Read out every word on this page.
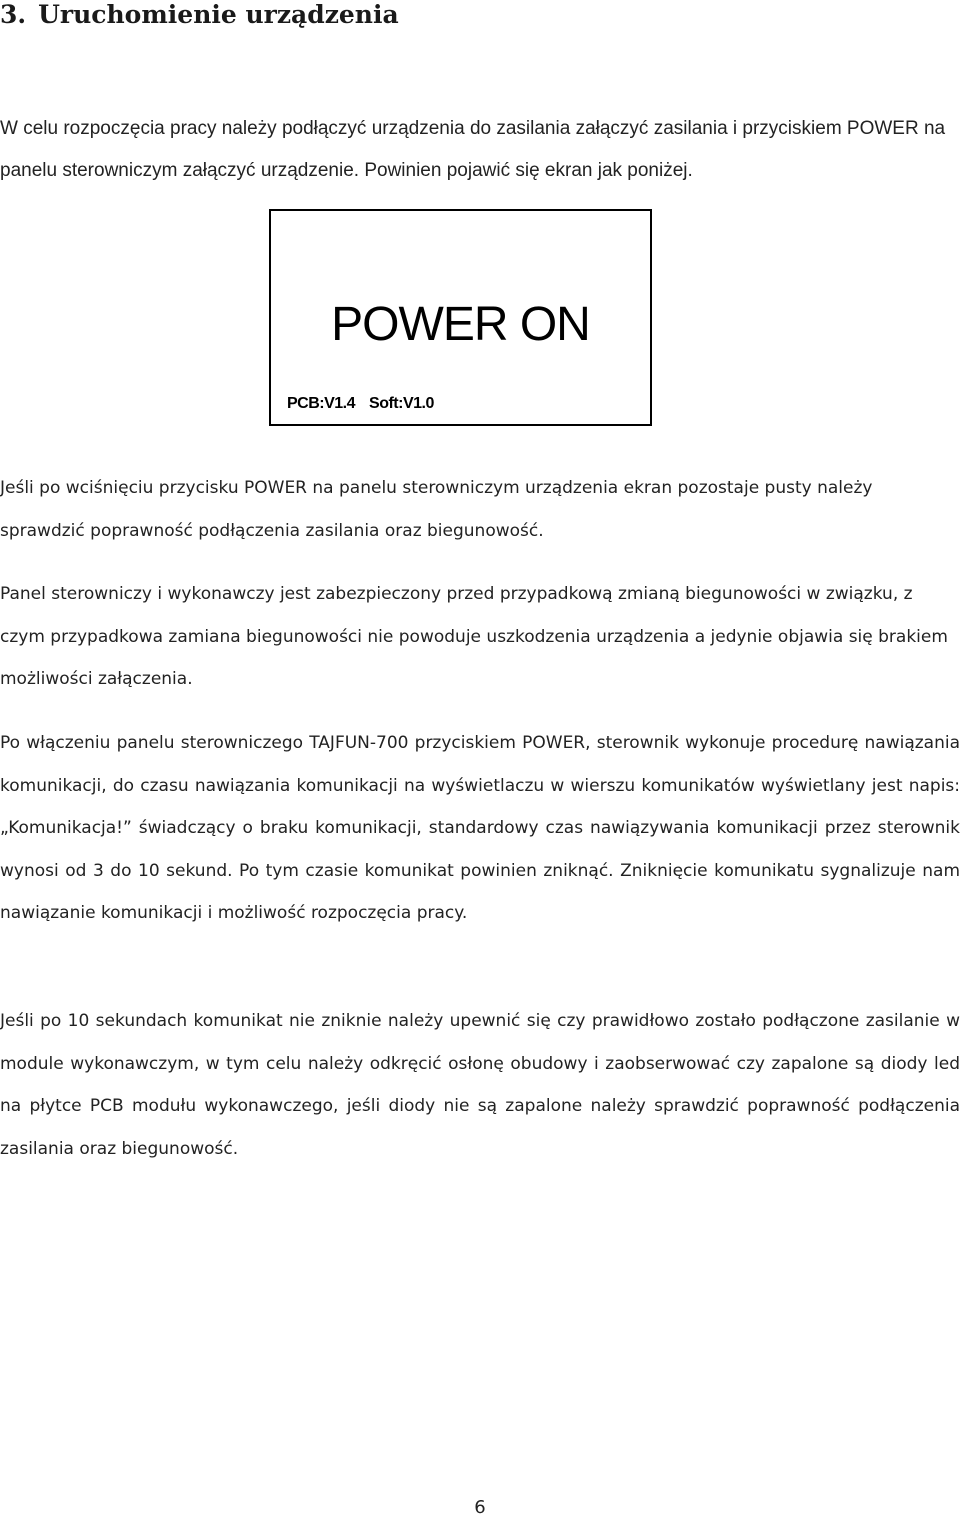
3. Uruchomienie urządzenia

W celu rozpoczęcia pracy należy podłączyć urządzenia do zasilania załączyć zasilania i przyciskiem POWER na panelu sterowniczym załączyć urządzenie. Powinien pojawić się ekran jak poniżej.

POWER ON
PCB:V1.4 Soft:V1.0

Jeśli po wciśnięciu przycisku POWER na panelu sterowniczym urządzenia ekran pozostaje pusty należy sprawdzić poprawność podłączenia zasilania oraz biegunowość.

Panel sterowniczy i wykonawczy jest zabezpieczony przed przypadkową zmianą biegunowości w związku, z czym przypadkowa zamiana biegunowości nie powoduje uszkodzenia urządzenia a jedynie objawia się brakiem możliwości załączenia.

Po włączeniu panelu sterowniczego TAJFUN-700 przyciskiem POWER, sterownik wykonuje procedurę nawiązania komunikacji, do czasu nawiązania komunikacji na wyświetlaczu w wierszu komunikatów wyświetlany jest napis: „Komunikacja!” świadczący o braku komunikacji, standardowy czas nawiązywania komunikacji przez sterownik wynosi od 3 do 10 sekund. Po tym czasie komunikat powinien zniknąć. Zniknięcie komunikatu sygnalizuje nam nawiązanie komunikacji i możliwość rozpoczęcia pracy.

Jeśli po 10 sekundach komunikat nie zniknie należy upewnić się czy prawidłowo zostało podłączone zasilanie w module wykonawczym, w tym celu należy odkręcić osłonę obudowy i zaobserwować czy zapalone są diody led na płytce PCB modułu wykonawczego, jeśli diody nie są zapalone należy sprawdzić poprawność podłączenia zasilania oraz biegunowość.

6
